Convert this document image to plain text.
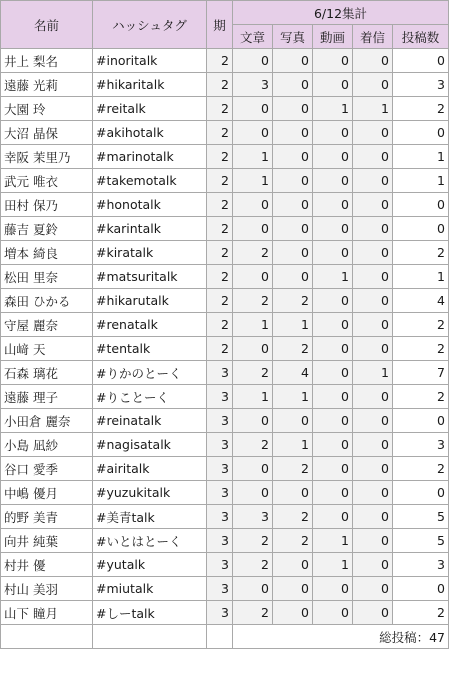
名前	ハッシュタグ	期	6/12集計				
			文章	写真	動画	着信	投稿数
井上 梨名	#inoritalk	2	0	0	0	0	0
遠藤 光莉	#hikaritalk	2	3	0	0	0	3
大園 玲	#reitalk	2	0	0	1	1	2
大沼 晶保	#akihotalk	2	0	0	0	0	0
幸阪 茉里乃	#marinotalk	2	1	0	0	0	1
武元 唯衣	#takemotalk	2	1	0	0	0	1
田村 保乃	#honotalk	2	0	0	0	0	0
藤吉 夏鈴	#karintalk	2	0	0	0	0	0
増本 綺良	#kiratalk	2	2	0	0	0	2
松田 里奈	#matsuritalk	2	0	0	1	0	1
森田 ひかる	#hikarutalk	2	2	2	0	0	4
守屋 麗奈	#renatalk	2	1	1	0	0	2
山﨑 天	#tentalk	2	0	2	0	0	2
石森 璃花	#りかのとーく	3	2	4	0	1	7
遠藤 理子	#りことーく	3	1	1	0	0	2
小田倉 麗奈	#reinatalk	3	0	0	0	0	0
小島 凪紗	#nagisatalk	3	2	1	0	0	3
谷口 愛季	#airitalk	3	0	2	0	0	2
中嶋 優月	#yuzukitalk	3	0	0	0	0	0
的野 美青	#美青talk	3	3	2	0	0	5
向井 純葉	#いとはとーく	3	2	2	1	0	5
村井 優	#yutalk	3	2	0	1	0	3
村山 美羽	#miutalk	3	0	0	0	0	0
山下 瞳月	#しーtalk	3	2	0	0	0	2
			総投稿：47				
